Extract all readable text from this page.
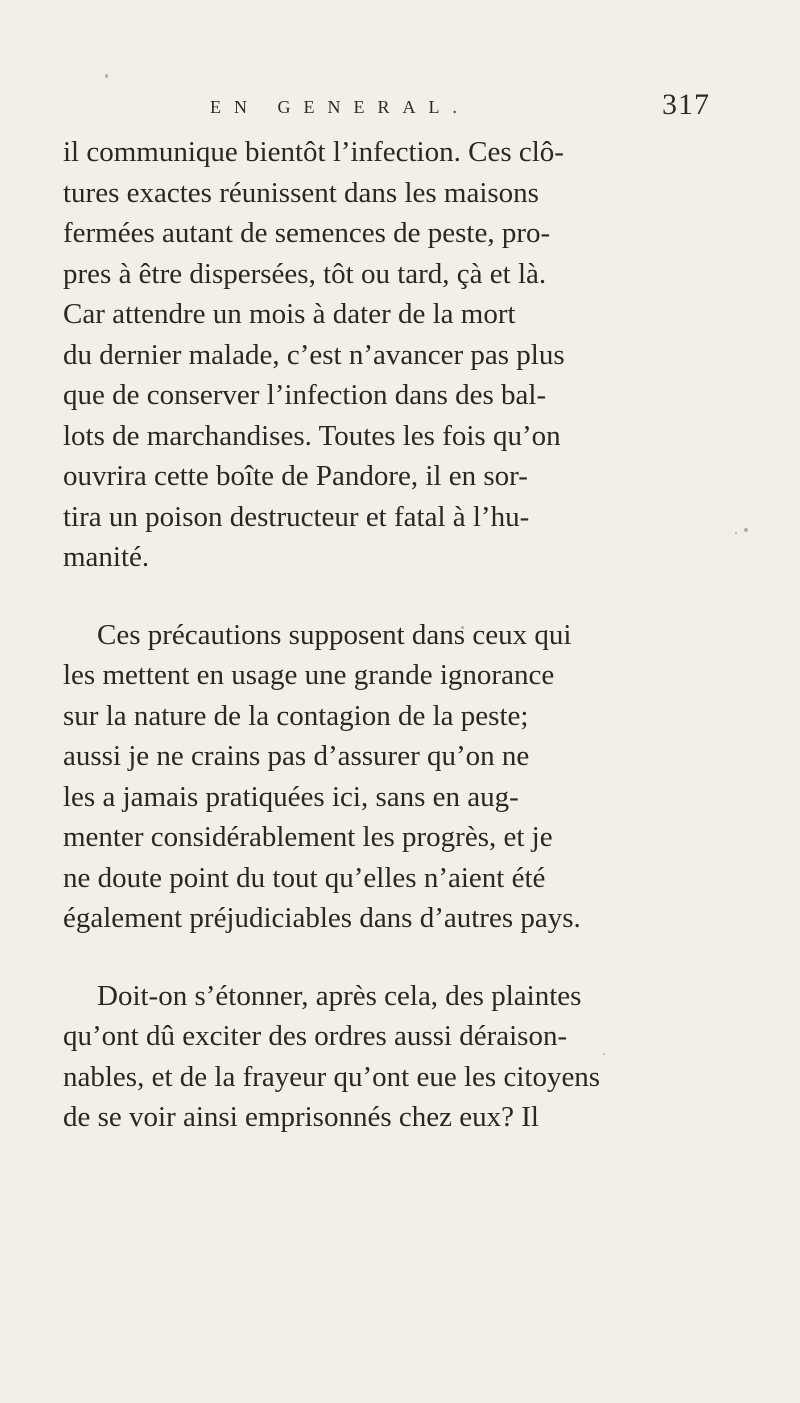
EN GENERAL.	317

il communique bientôt l’infection. Ces clô-
tures exactes réunissent dans les maisons
fermées autant de semences de peste, pro-
pres à être dispersées, tôt ou tard, çà et là.
Car attendre un mois à dater de la mort
du dernier malade, c’est n’avancer pas plus
que de conserver l’infection dans des bal-
lots de marchandises. Toutes les fois qu’on
ouvrira cette boîte de Pandore, il en sor-
tira un poison destructeur et fatal à l’hu-
manité.

Ces précautions supposent dans ceux qui
les mettent en usage une grande ignorance
sur la nature de la contagion de la peste;
aussi je ne crains pas d’assurer qu’on ne
les a jamais pratiquées ici, sans en aug-
menter considérablement les progrès, et je
ne doute point du tout qu’elles n’aient été
également préjudiciables dans d’autres pays.

Doit-on s’étonner, après cela, des plaintes
qu’ont dû exciter des ordres aussi déraison-
nables, et de la frayeur qu’ont eue les citoyens
de se voir ainsi emprisonnés chez eux? Il
